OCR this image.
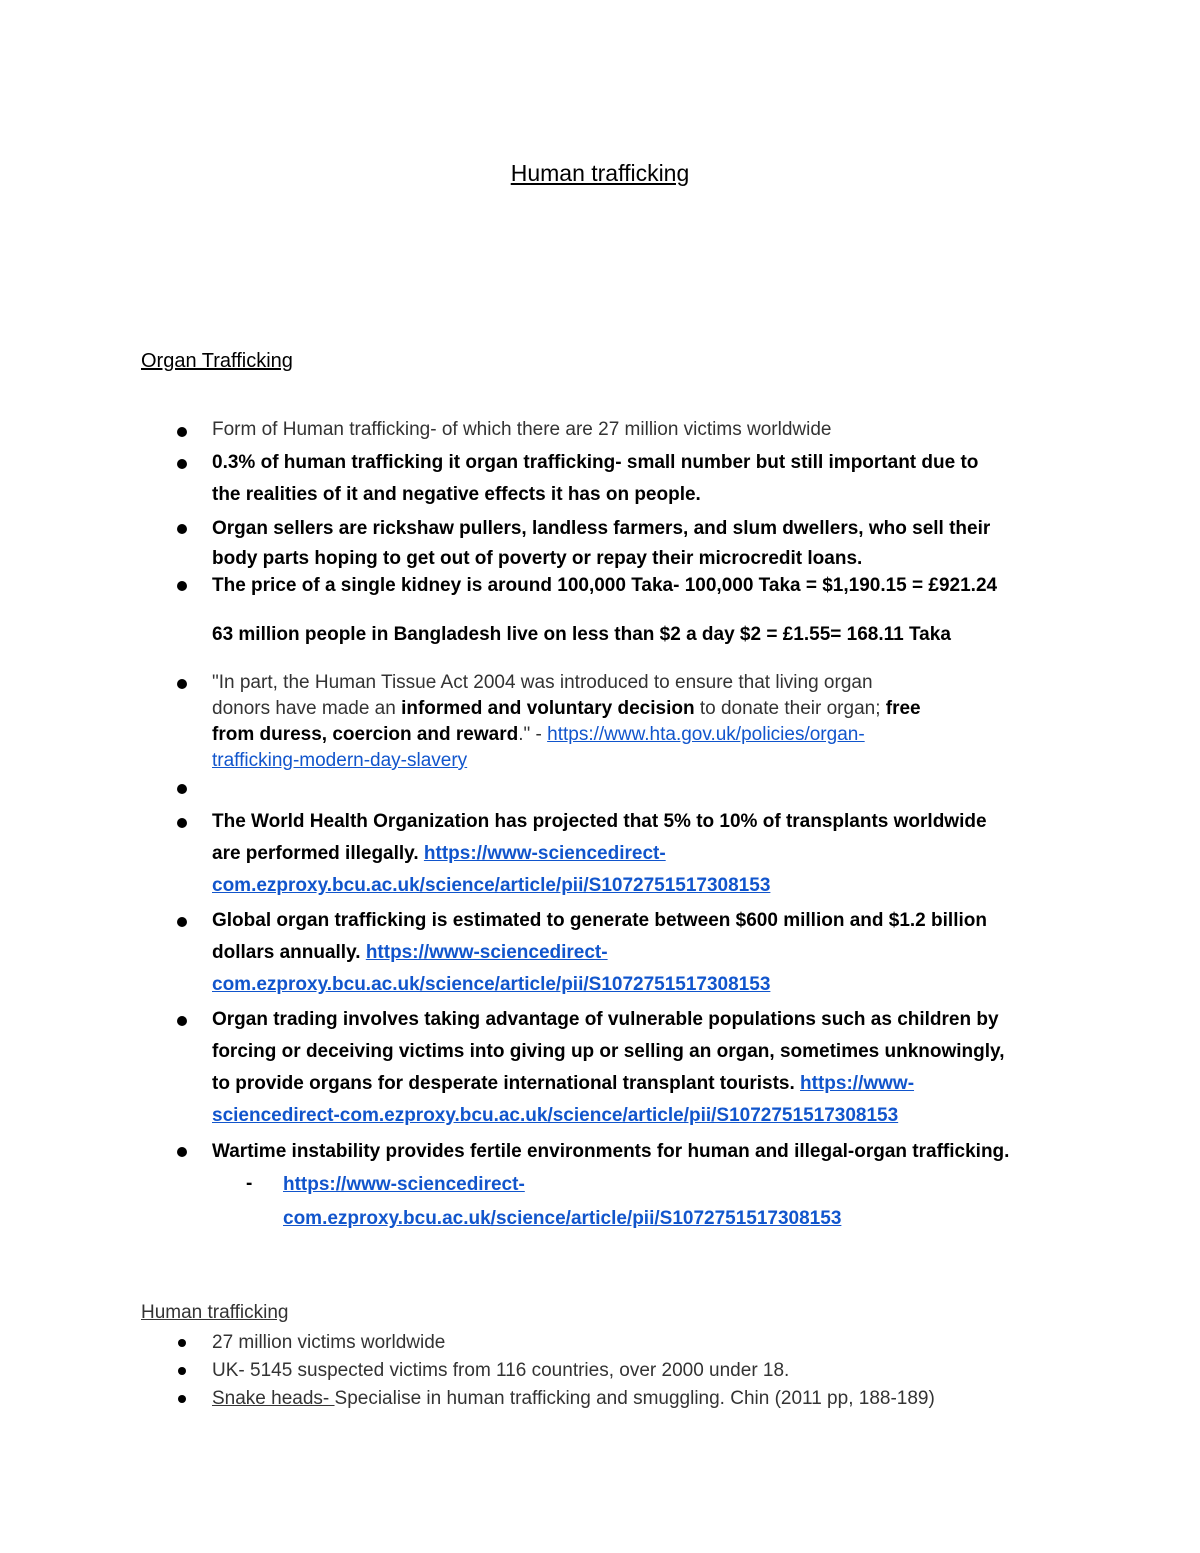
Human trafficking
Organ Trafficking
Form of Human trafficking- of which there are 27 million victims worldwide
0.3% of human trafficking it organ trafficking- small number but still important due to
the realities of it and negative effects it has on people.
Organ sellers are rickshaw pullers, landless farmers, and slum dwellers, who sell their
body parts hoping to get out of poverty or repay their microcredit loans.
The price of a single kidney is around 100,000 Taka- 100,000 Taka = $1,190.15 = £921.24
63 million people in Bangladesh live on less than $2 a day $2 = £1.55= 168.11 Taka
"In part, the Human Tissue Act 2004 was introduced to ensure that living organ
donors have made an informed and voluntary decision to donate their organ; free
from duress, coercion and reward." - https://www.hta.gov.uk/policies/organ-
trafficking-modern-day-slavery
The World Health Organization has projected that 5% to 10% of transplants worldwide
are performed illegally. https://www-sciencedirect-
com.ezproxy.bcu.ac.uk/science/article/pii/S1072751517308153
Global organ trafficking is estimated to generate between $600 million and $1.2 billion
dollars annually. https://www-sciencedirect-
com.ezproxy.bcu.ac.uk/science/article/pii/S1072751517308153
Organ trading involves taking advantage of vulnerable populations such as children by
forcing or deceiving victims into giving up or selling an organ, sometimes unknowingly,
to provide organs for desperate international transplant tourists. https://www-
sciencedirect-com.ezproxy.bcu.ac.uk/science/article/pii/S1072751517308153
Wartime instability provides fertile environments for human and illegal-organ trafficking.
- https://www-sciencedirect-
com.ezproxy.bcu.ac.uk/science/article/pii/S1072751517308153
Human trafficking
27 million victims worldwide
UK- 5145 suspected victims from 116 countries, over 2000 under 18.
Snake heads- Specialise in human trafficking and smuggling. Chin (2011 pp, 188-189)
